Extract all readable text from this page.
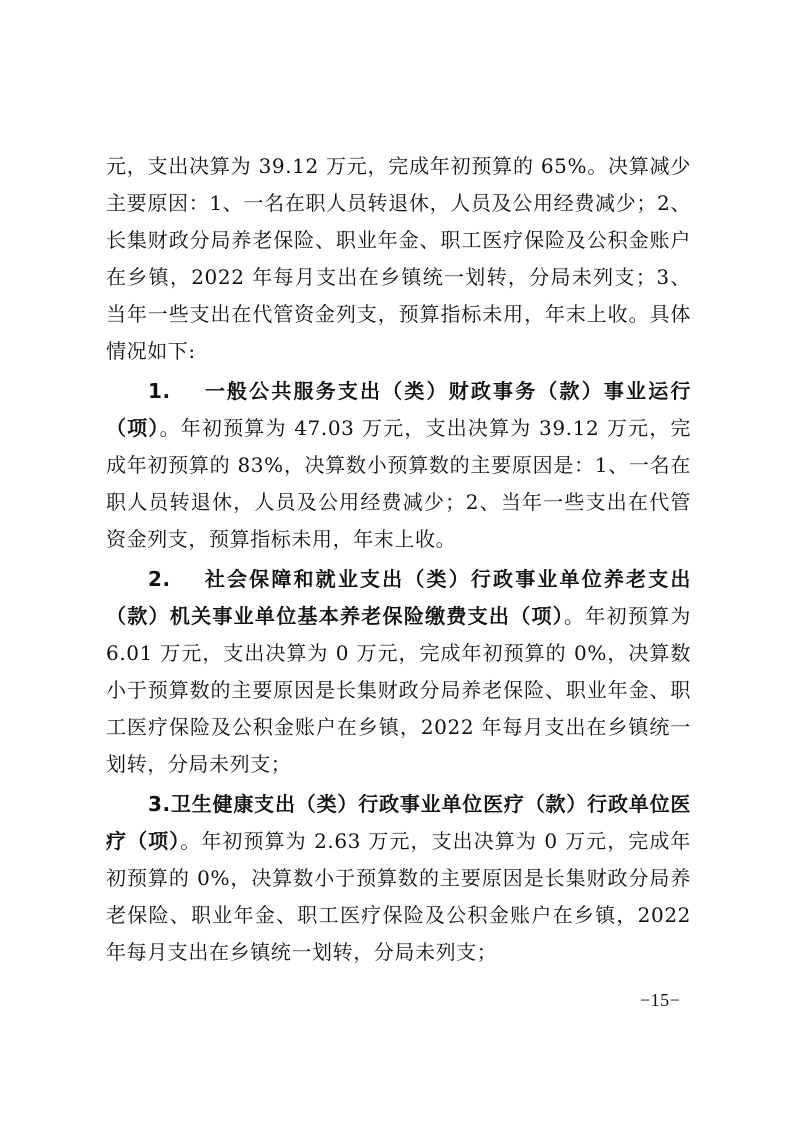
元，支出决算为 39.12 万元，完成年初预算的 65%。决算减少主要原因：1、一名在职人员转退休，人员及公用经费减少；2、长集财政分局养老保险、职业年金、职工医疗保险及公积金账户在乡镇，2022 年每月支出在乡镇统一划转，分局未列支；3、当年一些支出在代管资金列支，预算指标未用，年末上收。具体情况如下:

1. 一般公共服务支出（类）财政事务（款）事业运行（项）。年初预算为 47.03 万元，支出决算为 39.12 万元，完成年初预算的 83%，决算数小预算数的主要原因是：1、一名在职人员转退休，人员及公用经费减少；2、当年一些支出在代管资金列支，预算指标未用，年末上收。

2. 社会保障和就业支出（类）行政事业单位养老支出（款）机关事业单位基本养老保险缴费支出（项）。年初预算为 6.01 万元，支出决算为 0 万元，完成年初预算的 0%，决算数小于预算数的主要原因是长集财政分局养老保险、职业年金、职工医疗保险及公积金账户在乡镇，2022 年每月支出在乡镇统一划转，分局未列支；

3.卫生健康支出（类）行政事业单位医疗（款）行政单位医疗（项）。年初预算为 2.63 万元，支出决算为 0 万元，完成年初预算的 0%，决算数小于预算数的主要原因是长集财政分局养老保险、职业年金、职工医疗保险及公积金账户在乡镇，2022 年每月支出在乡镇统一划转，分局未列支；

−15−
